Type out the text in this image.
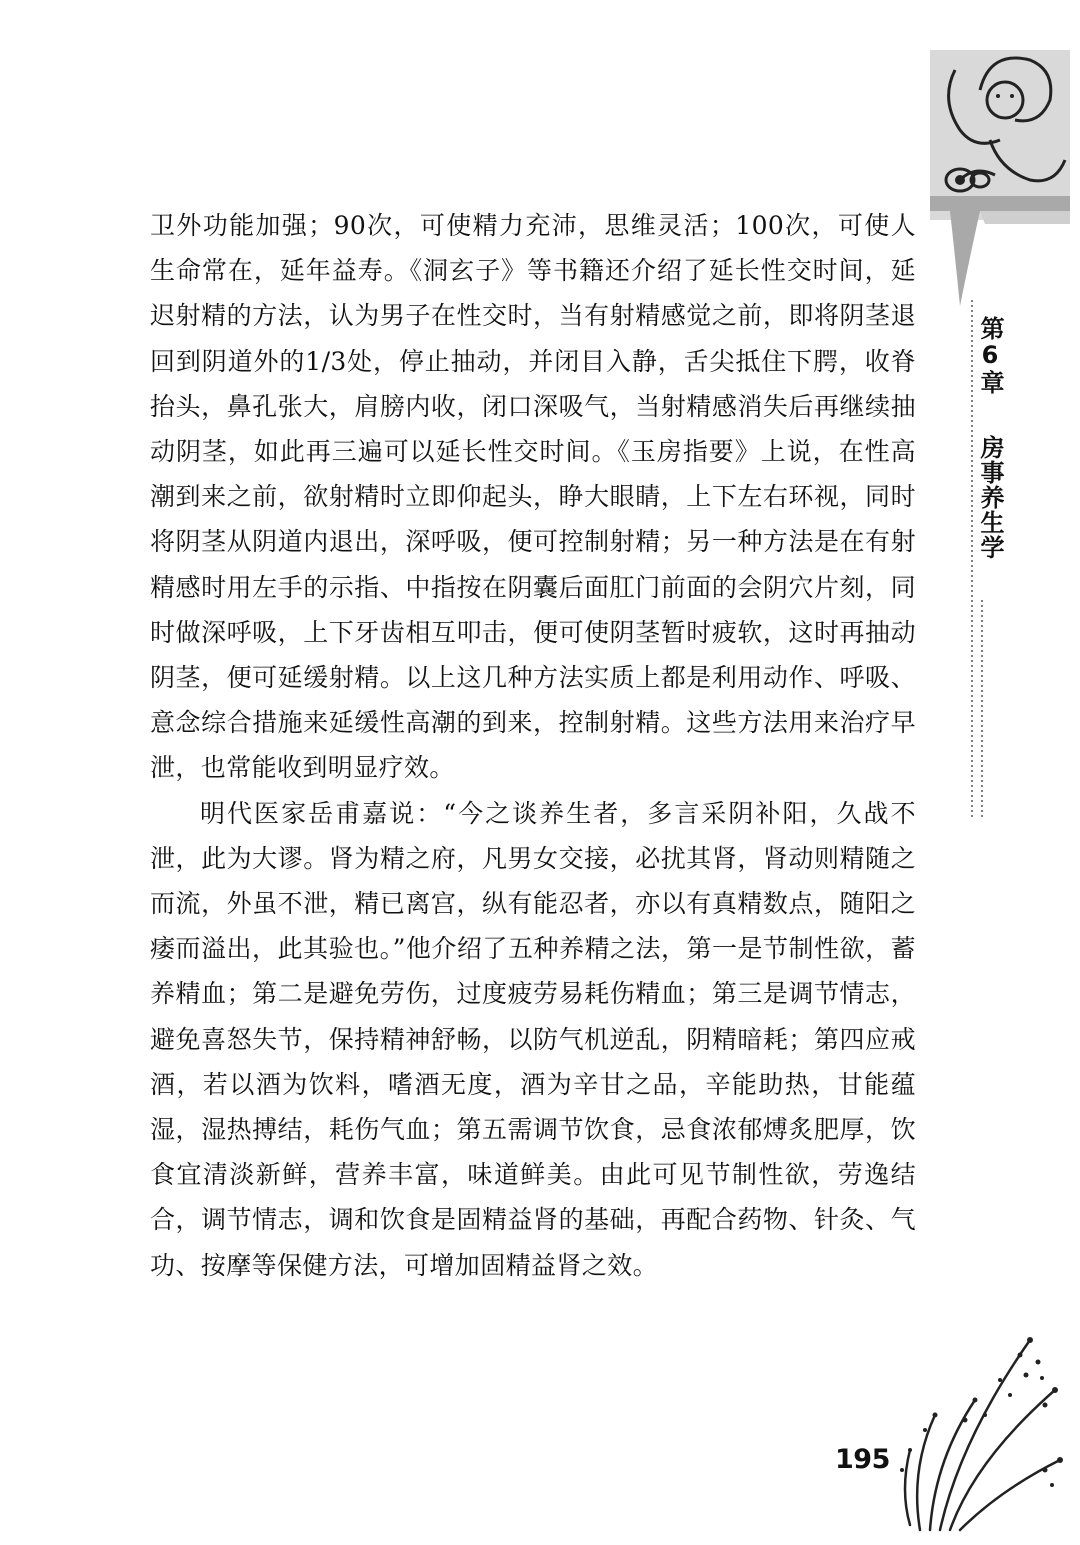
第6章
房事养生学

卫外功能加强；90次，可使精力充沛，思维灵活；100次，可使人生命常在，延年益寿。《洞玄子》等书籍还介绍了延长性交时间，延迟射精的方法，认为男子在性交时，当有射精感觉之前，即将阴茎退回到阴道外的1/3处，停止抽动，并闭目入静，舌尖抵住下腭，收脊抬头，鼻孔张大，肩膀内收，闭口深吸气，当射精感消失后再继续抽动阴茎，如此再三遍可以延长性交时间。《玉房指要》上说，在性高潮到来之前，欲射精时立即仰起头，睁大眼睛，上下左右环视，同时将阴茎从阴道内退出，深呼吸，便可控制射精；另一种方法是在有射精感时用左手的示指、中指按在阴囊后面肛门前面的会阴穴片刻，同时做深呼吸，上下牙齿相互叩击，便可使阴茎暂时疲软，这时再抽动阴茎，便可延缓射精。以上这几种方法实质上都是利用动作、呼吸、意念综合措施来延缓性高潮的到来，控制射精。这些方法用来治疗早泄，也常能收到明显疗效。

明代医家岳甫嘉说：“今之谈养生者，多言采阴补阳，久战不泄，此为大谬。肾为精之府，凡男女交接，必扰其肾，肾动则精随之而流，外虽不泄，精已离宫，纵有能忍者，亦以有真精数点，随阳之痿而溢出，此其验也。”他介绍了五种养精之法，第一是节制性欲，蓄养精血；第二是避免劳伤，过度疲劳易耗伤精血；第三是调节情志，避免喜怒失节，保持精神舒畅，以防气机逆乱，阴精暗耗；第四应戒酒，若以酒为饮料，嗜酒无度，酒为辛甘之品，辛能助热，甘能蕴湿，湿热搏结，耗伤气血；第五需调节饮食，忌食浓郁煿炙肥厚，饮食宜清淡新鲜，营养丰富，味道鲜美。由此可见节制性欲，劳逸结合，调节情志，调和饮食是固精益肾的基础，再配合药物、针灸、气功、按摩等保健方法，可增加固精益肾之效。

195
